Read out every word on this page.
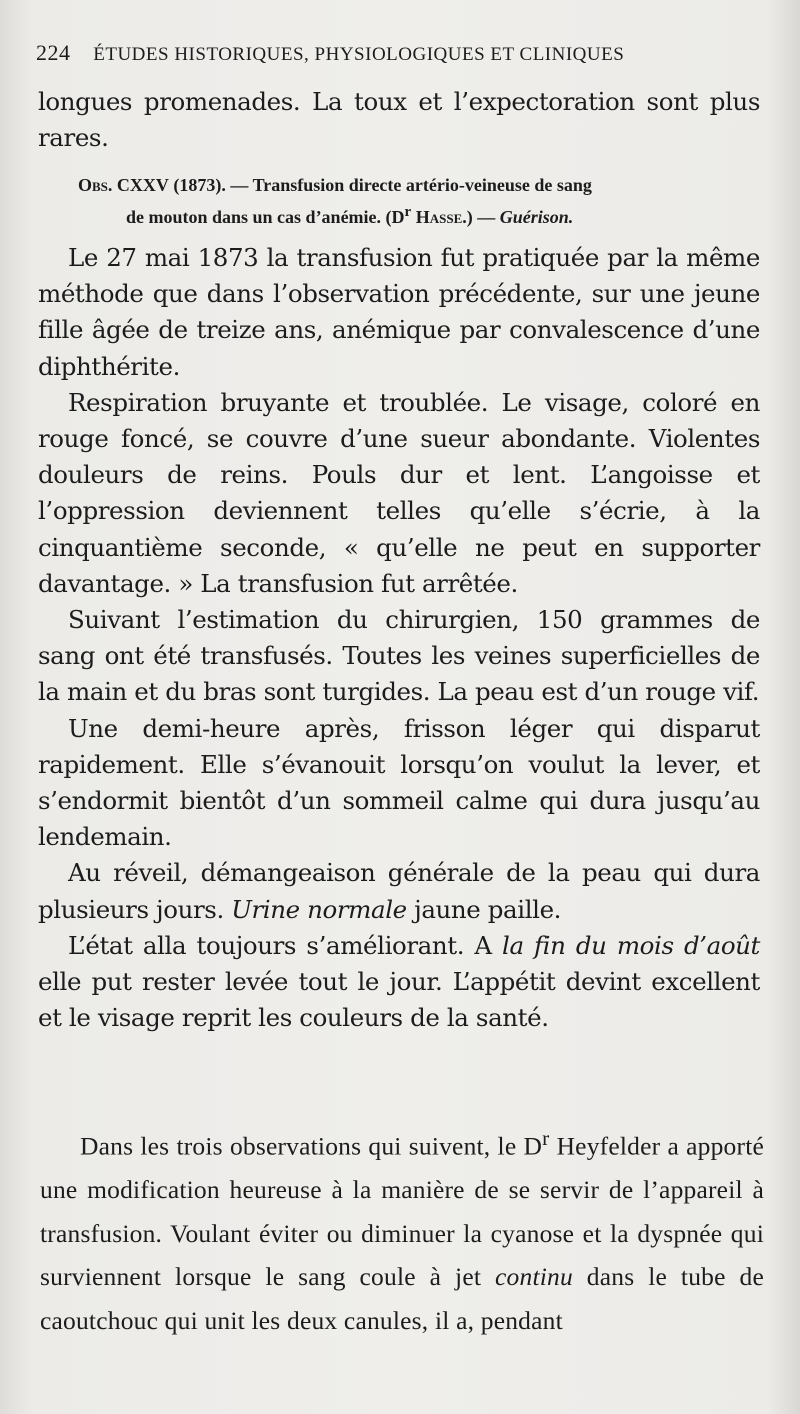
224 ÉTUDES HISTORIQUES, PHYSIOLOGIQUES ET CLINIQUES

longues promenades. La toux et l’expectoration sont plus rares.

Obs. CXXV (1873). — Transfusion directe artério-veineuse de sang
de mouton dans un cas d’anémie. ($D^r$ Hasse.) — Guérison.

Le 27 mai 1873 la transfusion fut pratiquée par la même méthode que dans l’observation précédente, sur une jeune fille âgée de treize ans, anémique par convalescence d’une diphthérite.

Respiration bruyante et troublée. Le visage, coloré en rouge foncé, se couvre d’une sueur abondante. Violentes douleurs de reins. Pouls dur et lent. L’angoisse et l’oppression deviennent telles qu’elle s’écrie, à la cinquantième seconde, « qu’elle ne peut en supporter davantage. » La transfusion fut arrêtée.

Suivant l’estimation du chirurgien, 150 grammes de sang ont été transfusés. Toutes les veines superficielles de la main et du bras sont turgides. La peau est d’un rouge vif.

Une demi-heure après, frisson léger qui disparut rapidement. Elle s’évanouit lorsqu’on voulut la lever, et s’endormit bientôt d’un sommeil calme qui dura jusqu’au lendemain.

Au réveil, démangeaison générale de la peau qui dura plusieurs jours. Urine normale jaune paille.

L’état alla toujours s’améliorant. A la fin du mois d’août elle put rester levée tout le jour. L’appétit devint excellent et le visage reprit les couleurs de la santé.

Dans les trois observations qui suivent, le $D^r$ Heyfelder a apporté une modification heureuse à la manière de se servir de l’appareil à transfusion. Voulant éviter ou diminuer la cyanose et la dyspnée qui surviennent lorsque le sang coule à jet continu dans le tube de caoutchouc qui unit les deux canules, il a, pendant
